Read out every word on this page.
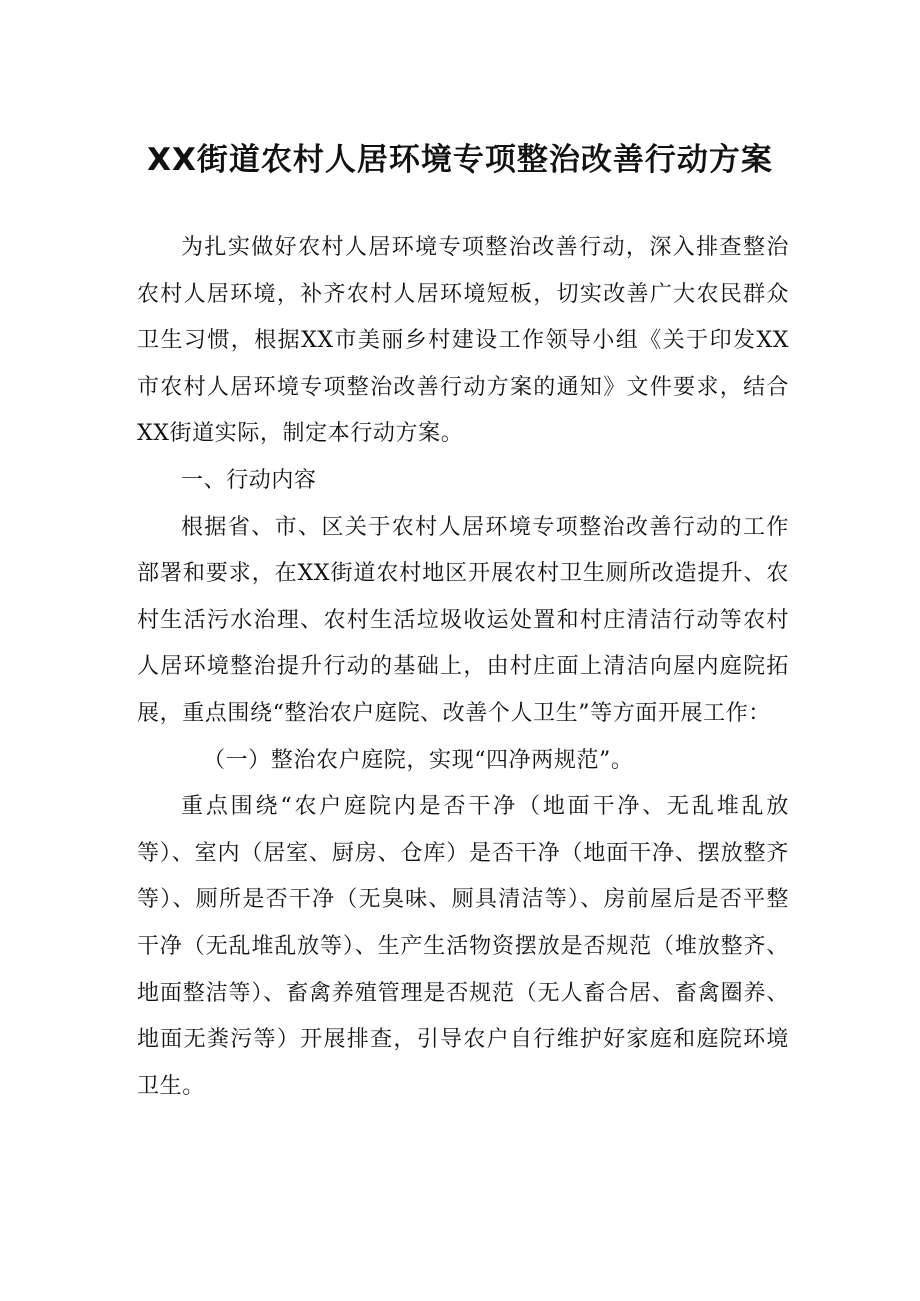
XX街道农村人居环境专项整治改善行动方案

为扎实做好农村人居环境专项整治改善行动，深入排查整治农村人居环境，补齐农村人居环境短板，切实改善广大农民群众卫生习惯，根据XX市美丽乡村建设工作领导小组《关于印发XX市农村人居环境专项整治改善行动方案的通知》文件要求，结合XX街道实际，制定本行动方案。

一、行动内容

根据省、市、区关于农村人居环境专项整治改善行动的工作部署和要求，在XX街道农村地区开展农村卫生厕所改造提升、农村生活污水治理、农村生活垃圾收运处置和村庄清洁行动等农村人居环境整治提升行动的基础上，由村庄面上清洁向屋内庭院拓展，重点围绕“整治农户庭院、改善个人卫生”等方面开展工作：

（一）整治农户庭院，实现“四净两规范”。

重点围绕“农户庭院内是否干净（地面干净、无乱堆乱放等）、室内（居室、厨房、仓库）是否干净（地面干净、摆放整齐等）、厕所是否干净（无臭味、厕具清洁等）、房前屋后是否平整干净（无乱堆乱放等）、生产生活物资摆放是否规范（堆放整齐、地面整洁等）、畜禽养殖管理是否规范（无人畜合居、畜禽圈养、地面无粪污等）开展排查，引导农户自行维护好家庭和庭院环境卫生。
